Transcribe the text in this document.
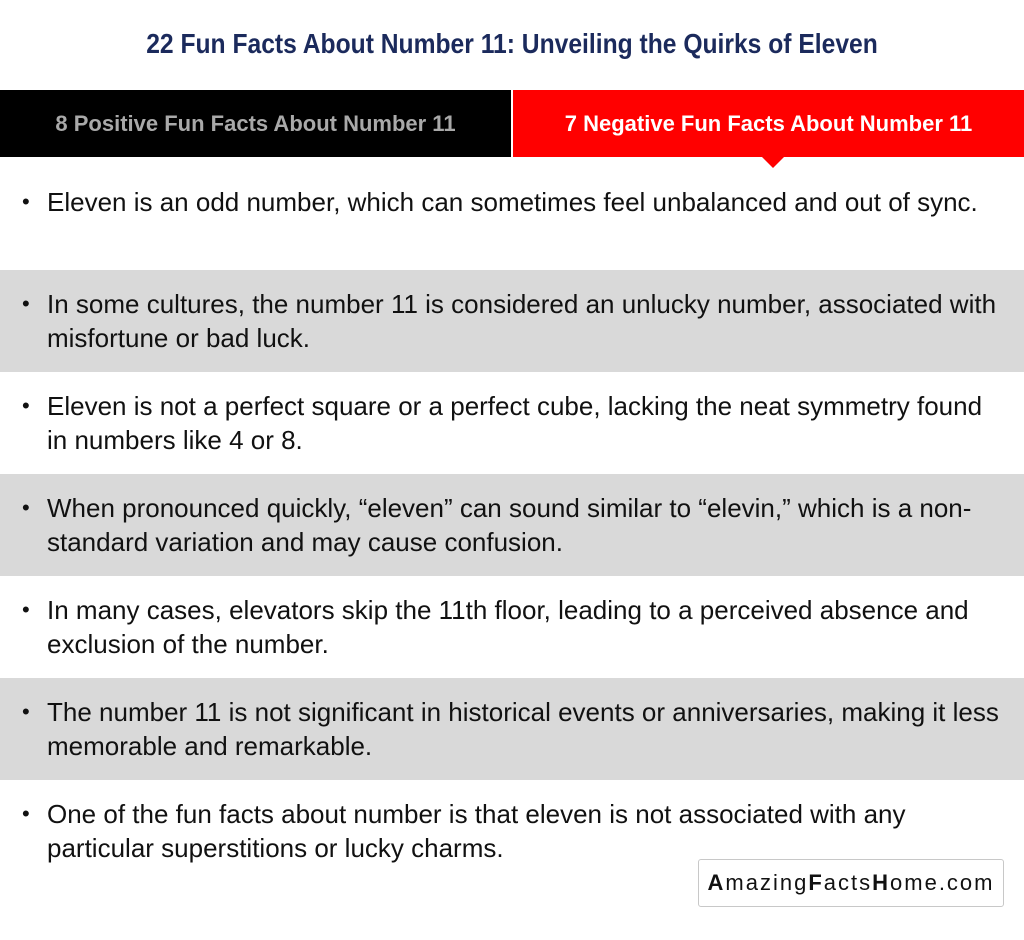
22 Fun Facts About Number 11: Unveiling the Quirks of Eleven
8 Positive Fun Facts About Number 11	7 Negative Fun Facts About Number 11
• Eleven is an odd number, which can sometimes feel unbalanced and out of sync.
• In some cultures, the number 11 is considered an unlucky number, associated with misfortune or bad luck.
• Eleven is not a perfect square or a perfect cube, lacking the neat symmetry found in numbers like 4 or 8.
• When pronounced quickly, “eleven” can sound similar to “elevin,” which is a non-standard variation and may cause confusion.
• In many cases, elevators skip the 11th floor, leading to a perceived absence and exclusion of the number.
• The number 11 is not significant in historical events or anniversaries, making it less memorable and remarkable.
• One of the fun facts about number is that eleven is not associated with any particular superstitions or lucky charms.
A mazing F acts H ome.com
